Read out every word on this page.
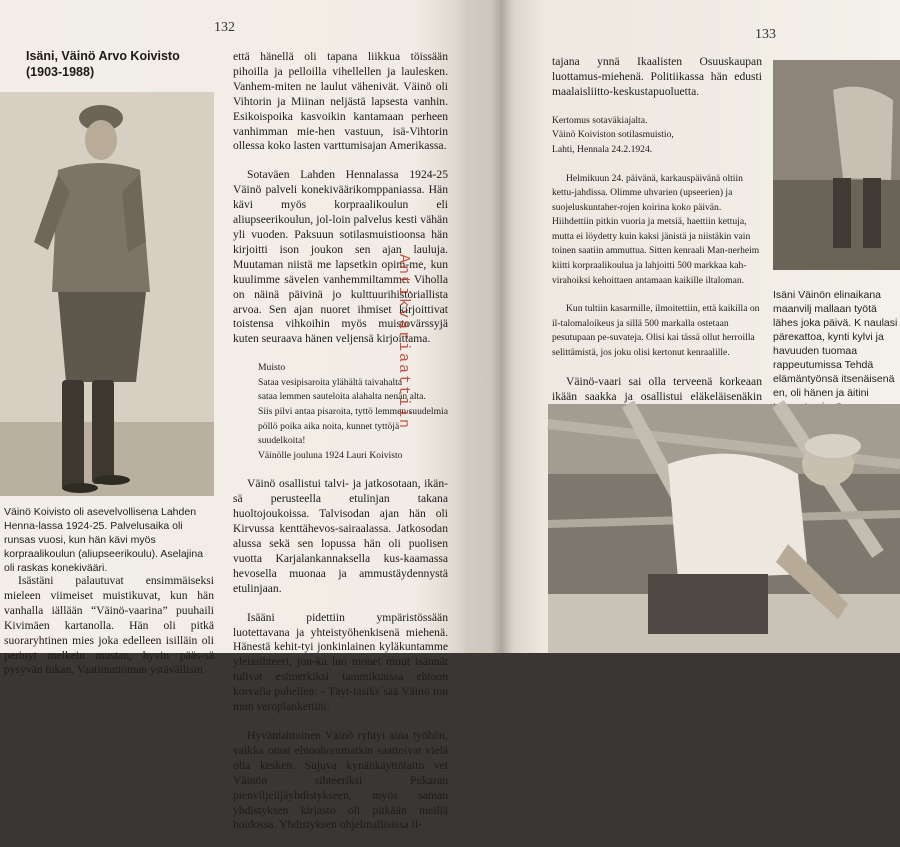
132
Isäni, Väinö Arvo Koivisto
(1903-1988)
Väinö Koivisto oli asevelvollisena Lahden Henna-lassa 1924-25. Palvelusaika oli runsas vuosi, kun hän kävi myös korpraalikoulun (aliupseerikoulu). Aselajina oli raskas konekivääri.

Isästäni palautuvat ensimmäiseksi mieleen viimeiset muistikuvat, kun hän vanhalla iällään “Väinö-vaarina” puuhaili Kivimäen kartanolla. Hän oli pitkä suoraryhtinen mies joka edelleen isilläin oli perinyt melkein mustan, hyvin pääs-sä pysyvän tukan. Vaatimattoman ystävällisin

että hänellä oli tapana liikkua töissään pihoilla ja pelloilla vihellellen ja laulesken. Vanhem-miten ne laulut vähenivät. Väinö oli Vihtorin ja Miinan neljästä lapsesta vanhin. Esikoispoika kasvoikin kantamaan perheen vanhimman mie-hen vastuun, isä-Vihtorin ollessa koko lasten varttumisajan Amerikassa.

Sotaväen Lahden Hennalassa 1924-25 Väinö palveli konekiväärikomppaniassa. Hän kävi myös korpraalikoulun eli aliupseerikoulun, jol-loin palvelus kesti vähän yli vuoden. Paksuun sotilasmuistioonsa hän kirjoitti ison joukon sen ajan lauluja. Muutaman niistä me lapsetkin opim-me, kun kuulimme sävelen vanhemmiltamme. Viholla on näinä päivinä jo kulttuurihistoriallista arvoa. Sen ajan nuoret ihmiset kirjoittivat toistensa vihkoihin myös muistovärssyjä kuten seuraava hänen veljensä kirjoittama.

Muisto
Sataa vesipisaroita ylähältä taivahalta
sataa lemmen sauteloita alahalta nenän alta.
Siis pilvi antaa pisaroita, tyttö lemmen suudelmia
pöllö poika aika noita, kunnet tyttöjä suudelkoita!
Väinölle jouluna 1924 Lauri Koivisto

Väinö osallistui talvi- ja jatkosotaan, ikän-sä perusteella etulinjan takana huoltojoukoissa. Talvisodan ajan hän oli Kirvussa kenttähevos-sairaalassa. Jatkosodan alussa sekä sen lopussa hän oli puolisen vuotta Karjalankannaksella kus-kaamassa hevosella muonaa ja ammustäydennystä etulinjaan.

Isääni pidettiin ympäristössään luotettavana ja yhteistyöhenkisenä miehenä. Hänestä kehit-tyi jonkinlainen kyläkuntamme yleissihteeri, jon-ka luo monet muut isännät tulivat esimerkiksi tammikuussa ehtoon korvalla puhellen: - Täyt-täsiks´sää Väinö ton mun veroplankettini.

Hyväntahtoinen Väinö ryhtyi aina työhön, vaikka omat ehtoohommatkin saattoivat vielä olla kesken. Sujuva kynänkäyttötaito vei Väinön sihteeriksi Pukaran pienviljelijäyhdistykseen, myös saman yhdistyksen kirjasto oli pitkään meillä hoidossa. Yhdistyksen ohjelmallisissa il-

Antikvariaattiin
133

tajana ynnä Ikaalisten Osuuskaupan luottamus-miehenä. Politiikassa hän edusti maalaisliitto-keskustapuoluetta.

Kertomus sotaväkiajalta.
Väinö Koiviston sotilasmuistio,
Lahti, Hennala 24.2.1924.

Helmikuun 24. päivänä, karkauspäivänä oltiin kettu-jahdissa. Olimme uhvarien (upseerien) ja suojeluskuntaher-rojen koirina koko päivän. Hiihdettiin pitkin vuoria ja metsiä, haettiin kettuja, mutta ei löydetty kuin kaksi jänistä ja niistäkin vain toinen saatiin ammuttua. Sitten kenraali Man-nerheim kiitti korpraalikoulua ja lahjoitti 500 markkaa kah-virahoiksi kehoittaen antamaan kaikille iltaloman.

Kun tultiin kasarmille, ilmoitettiin, että kaikilla on il-talomaloikeus ja sillä 500 markalla ostetaan pesutupaan pe-suvateja. Olisi kai tässä ollut herroilla selittämistä, jos joku olisi kertonut kenraalille.

Väinö-vaari sai olla terveenä korkeaan ikään saakka ja osallistui eläkeläisenäkin

Isäni Väinön elinaikana maanvilj mallaan työtä lähes joka päivä. K naulasi päreкattoa, kynti kylvi ja havuuden tuomaa rappeutumissa Tehdä elämäntyönsä itsenäisenä en, oli hänen ja äitini
